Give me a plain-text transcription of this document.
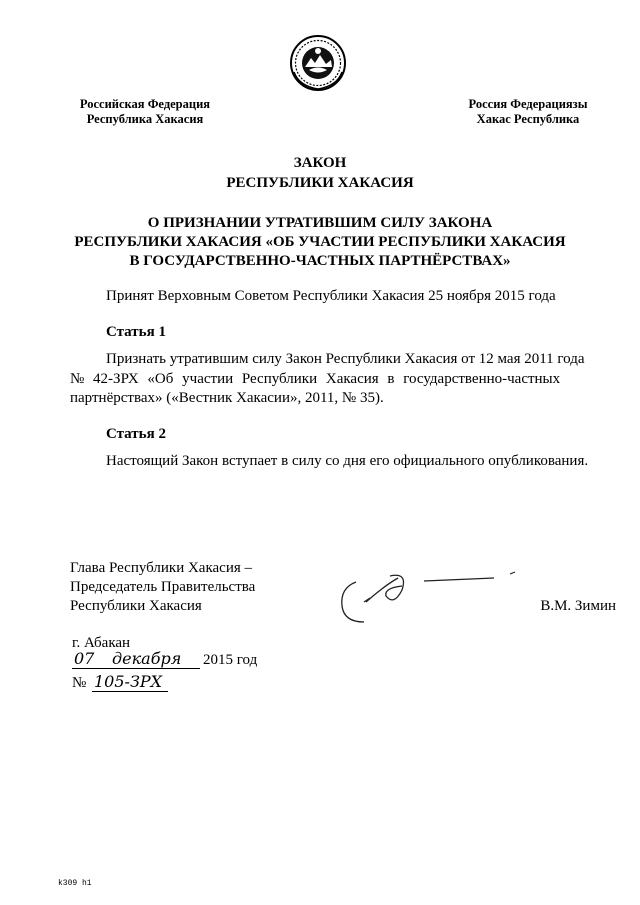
Российская Федерация
Республика Хакасия
Россия Федерациязы
Хакас Республика
ЗАКОН
РЕСПУБЛИКИ ХАКАСИЯ
О ПРИЗНАНИИ УТРАТИВШИМ СИЛУ ЗАКОНА
РЕСПУБЛИКИ ХАКАСИЯ «ОБ УЧАСТИИ РЕСПУБЛИКИ ХАКАСИЯ
В ГОСУДАРСТВЕННО-ЧАСТНЫХ ПАРТНЁРСТВАХ»
Принят Верховным Советом Республики Хакасия 25 ноября 2015 года
Статья 1
Признать утратившим силу Закон Республики Хакасия от 12 мая 2011 года
№ 42-ЗРХ «Об участии Республики Хакасия в государственно-частных
партнёрствах» («Вестник Хакасии», 2011, № 35).
Статья 2
Настоящий Закон вступает в силу со дня его официального опубликования.
Глава Республики Хакасия –
Председатель Правительства
Республики Хакасия	В.М. Зимин
г. Абакан
07 декабря 2015 год
№ 105-ЗРХ
k309 h1
